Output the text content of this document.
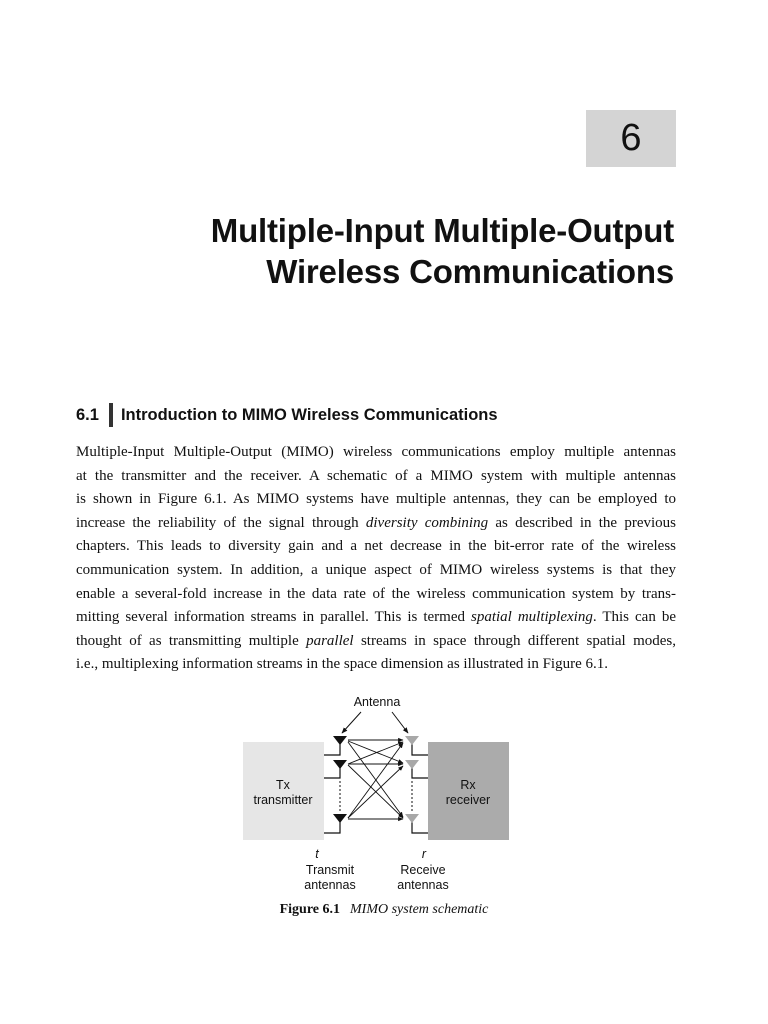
6
Multiple-Input Multiple-Output
Wireless Communications
6.1 Introduction to MIMO Wireless Communications
Multiple-Input Multiple-Output (MIMO) wireless communications employ multiple antennas
at the transmitter and the receiver. A schematic of a MIMO system with multiple antennas
is shown in Figure 6.1. As MIMO systems have multiple antennas, they can be employed to
increase the reliability of the signal through diversity combining as described in the previous
chapters. This leads to diversity gain and a net decrease in the bit-error rate of the wireless
communication system. In addition, a unique aspect of MIMO wireless systems is that they
enable a several-fold increase in the data rate of the wireless communication system by trans-
mitting several information streams in parallel. This is termed spatial multiplexing. This can be
thought of as transmitting multiple parallel streams in space through different spatial modes,
i.e., multiplexing information streams in the space dimension as illustrated in Figure 6.1.
Tx
transmitter
Rx
receiver
Antenna
t
Transmit
antennas
r
Receive
antennas
Figure 6.1 MIMO system schematic
